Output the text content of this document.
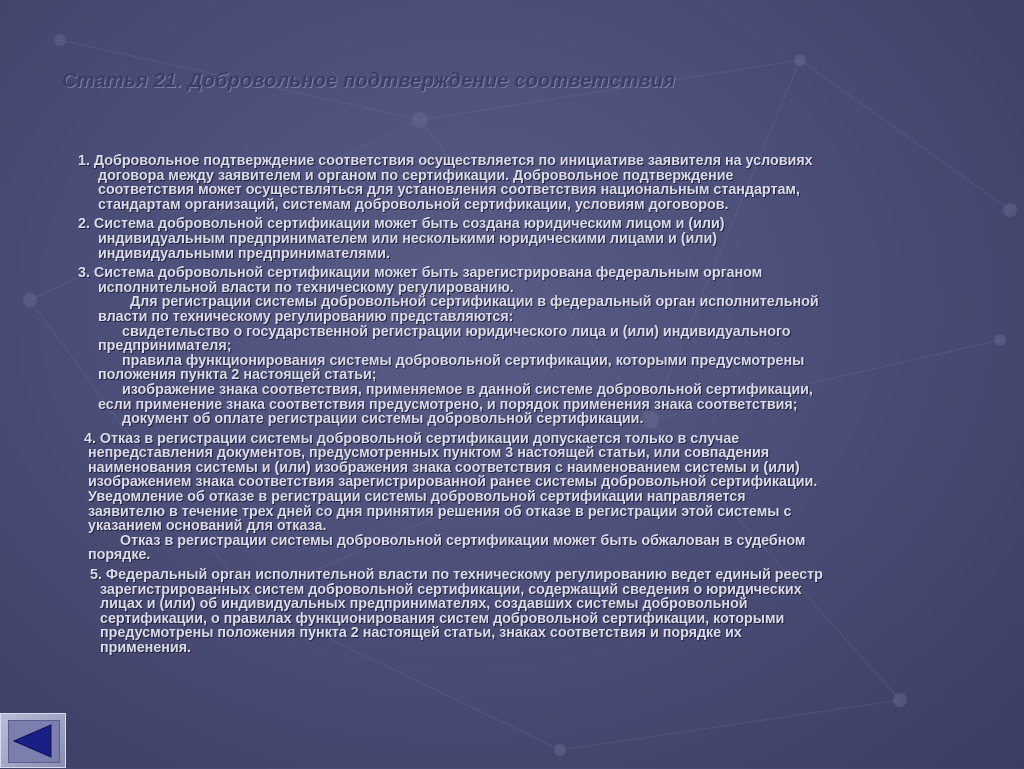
Статья 21. Добровольное подтверждение соответствия
1. Добровольное подтверждение соответствия осуществляется по инициативе заявителя на условиях
договора между заявителем и органом по сертификации. Добровольное подтверждение
соответствия может осуществляться для установления соответствия национальным стандартам,
стандартам организаций, системам добровольной сертификации, условиям договоров.
2. Система добровольной сертификации может быть создана юридическим лицом и (или)
индивидуальным предпринимателем или несколькими юридическими лицами и (или)
индивидуальными предпринимателями.
3. Система добровольной сертификации может быть зарегистрирована федеральным органом
исполнительной власти по техническому регулированию.
Для регистрации системы добровольной сертификации в федеральный орган исполнительной
власти по техническому регулированию представляются:
свидетельство о государственной регистрации юридического лица и (или) индивидуального
предпринимателя;
правила функционирования системы добровольной сертификации, которыми предусмотрены
положения пункта 2 настоящей статьи;
изображение знака соответствия, применяемое в данной системе добровольной сертификации,
если применение знака соответствия предусмотрено, и порядок применения знака соответствия;
документ об оплате регистрации системы добровольной сертификации.
4. Отказ в регистрации системы добровольной сертификации допускается только в случае
непредставления документов, предусмотренных пунктом 3 настоящей статьи, или совпадения
наименования системы и (или) изображения знака соответствия с наименованием системы и (или)
изображением знака соответствия зарегистрированной ранее системы добровольной сертификации.
Уведомление об отказе в регистрации системы добровольной сертификации направляется
заявителю в течение трех дней со дня принятия решения об отказе в регистрации этой системы с
указанием оснований для отказа.
Отказ в регистрации системы добровольной сертификации может быть обжалован в судебном
порядке.
5. Федеральный орган исполнительной власти по техническому регулированию ведет единый реестр
зарегистрированных систем добровольной сертификации, содержащий сведения о юридических
лицах и (или) об индивидуальных предпринимателях, создавших системы добровольной
сертификации, о правилах функционирования систем добровольной сертификации, которыми
предусмотрены положения пункта 2 настоящей статьи, знаках соответствия и порядке их
применения.
